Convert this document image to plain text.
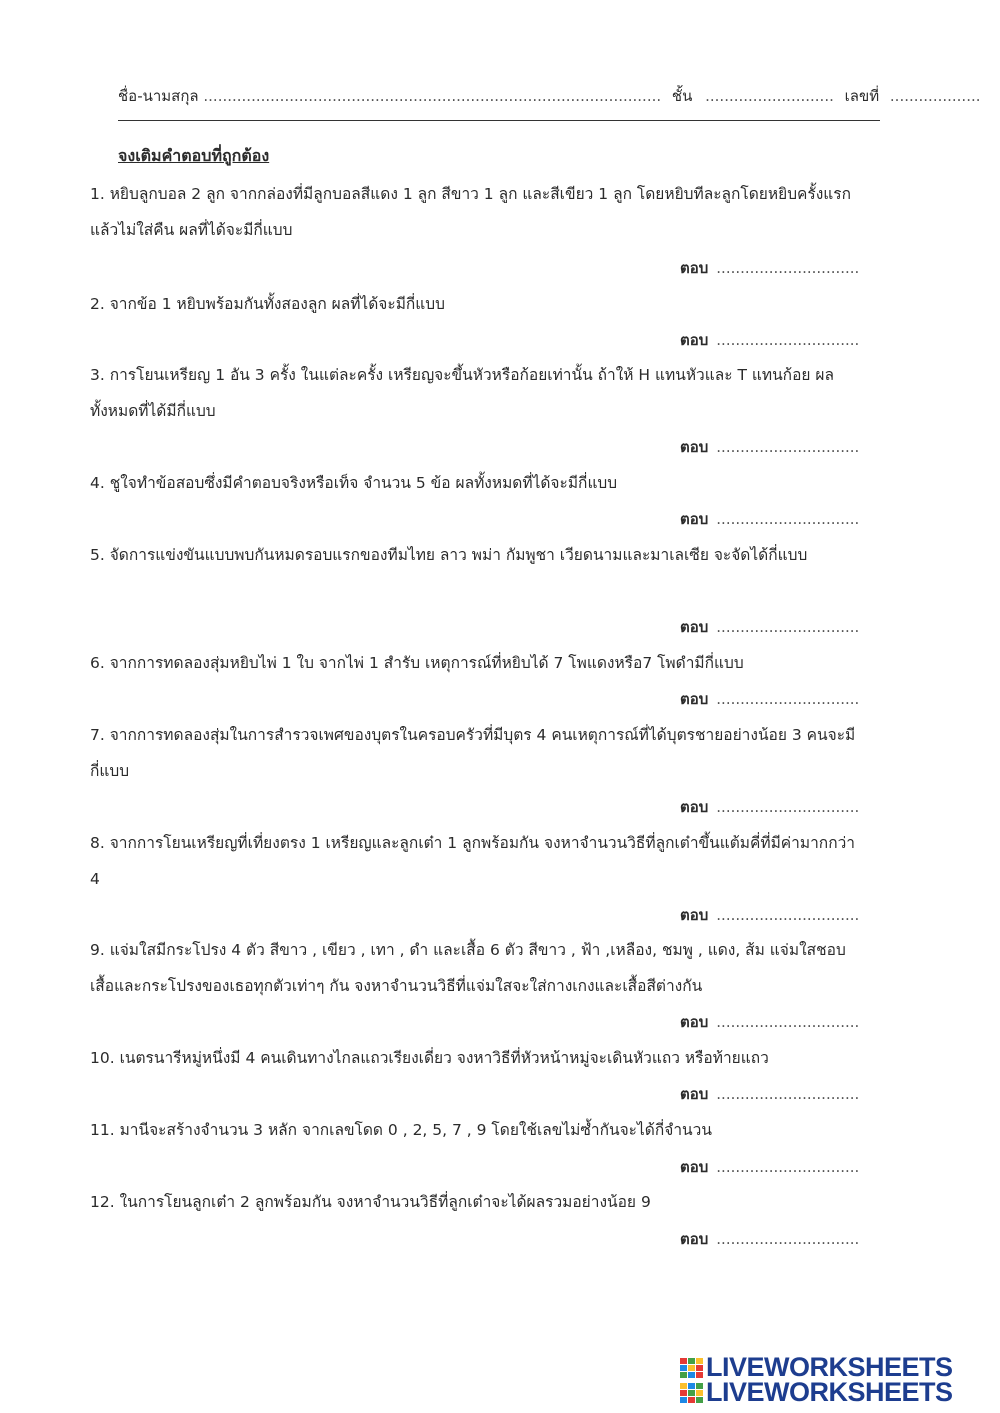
ชื่อ-นามสกุล ................................................................................................ ชั้น ........................... เลขที่ ...................
จงเติมคำตอบที่ถูกต้อง
1. หยิบลูกบอล 2 ลูก จากกล่องที่มีลูกบอลสีแดง 1 ลูก สีขาว 1 ลูก และสีเขียว 1 ลูก โดยหยิบทีละลูกโดยหยิบครั้งแรกแล้วไม่ใส่คืน ผลที่ได้จะมีกี่แบบ
ตอบ ..............................
2. จากข้อ 1 หยิบพร้อมกันทั้งสองลูก ผลที่ได้จะมีกี่แบบ
ตอบ ..............................
3. การโยนเหรียญ 1 อัน 3 ครั้ง ในแต่ละครั้ง เหรียญจะขึ้นหัวหรือก้อยเท่านั้น ถ้าให้ H แทนหัวและ T แทนก้อย ผลทั้งหมดที่ได้มีกี่แบบ
ตอบ ..............................
4. ชูใจทำข้อสอบซึ่งมีคำตอบจริงหรือเท็จ จำนวน 5 ข้อ ผลทั้งหมดที่ได้จะมีกี่แบบ
ตอบ ..............................
5. จัดการแข่งขันแบบพบกันหมดรอบแรกของทีมไทย ลาว พม่า กัมพูชา เวียดนามและมาเลเซีย จะจัดได้กี่แบบ
ตอบ ..............................
6. จากการทดลองสุ่มหยิบไพ่ 1 ใบ จากไพ่ 1 สำรับ เหตุการณ์ที่หยิบได้ 7 โพแดงหรือ7 โพดำมีกี่แบบ
ตอบ ..............................
7. จากการทดลองสุ่มในการสำรวจเพศของบุตรในครอบครัวที่มีบุตร 4 คนเหตุการณ์ที่ได้บุตรชายอย่างน้อย 3 คนจะมีกี่แบบ
ตอบ ..............................
8. จากการโยนเหรียญที่เที่ยงตรง 1 เหรียญและลูกเต๋า 1 ลูกพร้อมกัน จงหาจำนวนวิธีที่ลูกเต๋าขึ้นแต้มคี่ที่มีค่ามากกว่า 4
ตอบ ..............................
9. แจ่มใสมีกระโปรง 4 ตัว สีขาว , เขียว , เทา , ดำ และเสื้อ 6 ตัว สีขาว , ฟ้า ,เหลือง, ชมพู , แดง, ส้ม แจ่มใสชอบเสื้อและกระโปรงของเธอทุกตัวเท่าๆ กัน จงหาจำนวนวิธีที่แจ่มใสจะใส่กางเกงและเสื้อสีต่างกัน
ตอบ ..............................
10. เนตรนารีหมู่หนึ่งมี 4 คนเดินทางไกลแถวเรียงเดี่ยว จงหาวิธีที่หัวหน้าหมู่จะเดินหัวแถว หรือท้ายแถว
ตอบ ..............................
11. มานีจะสร้างจำนวน 3 หลัก จากเลขโดด 0 , 2, 5, 7 , 9 โดยใช้เลขไม่ซ้ำกันจะได้กี่จำนวน
ตอบ ..............................
12. ในการโยนลูกเต๋า 2 ลูกพร้อมกัน จงหาจำนวนวิธีที่ลูกเต๋าจะได้ผลรวมอย่างน้อย 9
ตอบ ..............................
LIVEWORKSHEETS
LIVEWORKSHEETS
